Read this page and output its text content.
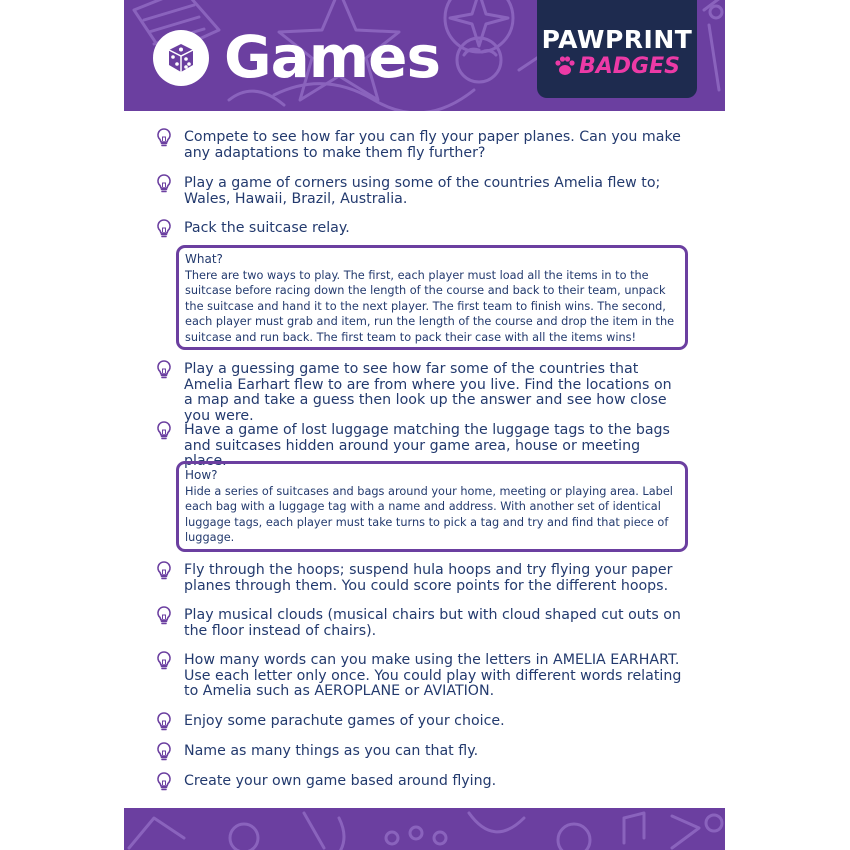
Games	PAWPRINT
BADGES
Compete to see how far you can fly your paper planes. Can you make any adaptations to make them fly further?
Play a game of corners using some of the countries Amelia flew to; Wales, Hawaii, Brazil, Australia.
Pack the suitcase relay.
What?
There are two ways to play. The first, each player must load all the items in to the suitcase before racing down the length of the course and back to their team, unpack the suitcase and hand it to the next player. The first team to finish wins. The second, each player must grab and item, run the length of the course and drop the item in the suitcase and run back. The first team to pack their case with all the items wins!
Play a guessing game to see how far some of the countries that Amelia Earhart flew to are from where you live. Find the locations on a map and take a guess then look up the answer and see how close you were.
Have a game of lost luggage matching the luggage tags to the bags and suitcases hidden around your game area, house or meeting place.
How?
Hide a series of suitcases and bags around your home, meeting or playing area. Label each bag with a luggage tag with a name and address. With another set of identical luggage tags, each player must take turns to pick a tag and try and find that piece of luggage.
Fly through the hoops; suspend hula hoops and try flying your paper planes through them. You could score points for the different hoops.
Play musical clouds (musical chairs but with cloud shaped cut outs on the floor instead of chairs).
How many words can you make using the letters in AMELIA EARHART. Use each letter only once. You could play with different words relating to Amelia such as AEROPLANE or AVIATION.
Enjoy some parachute games of your choice.
Name as many things as you can that fly.
Create your own game based around flying.
